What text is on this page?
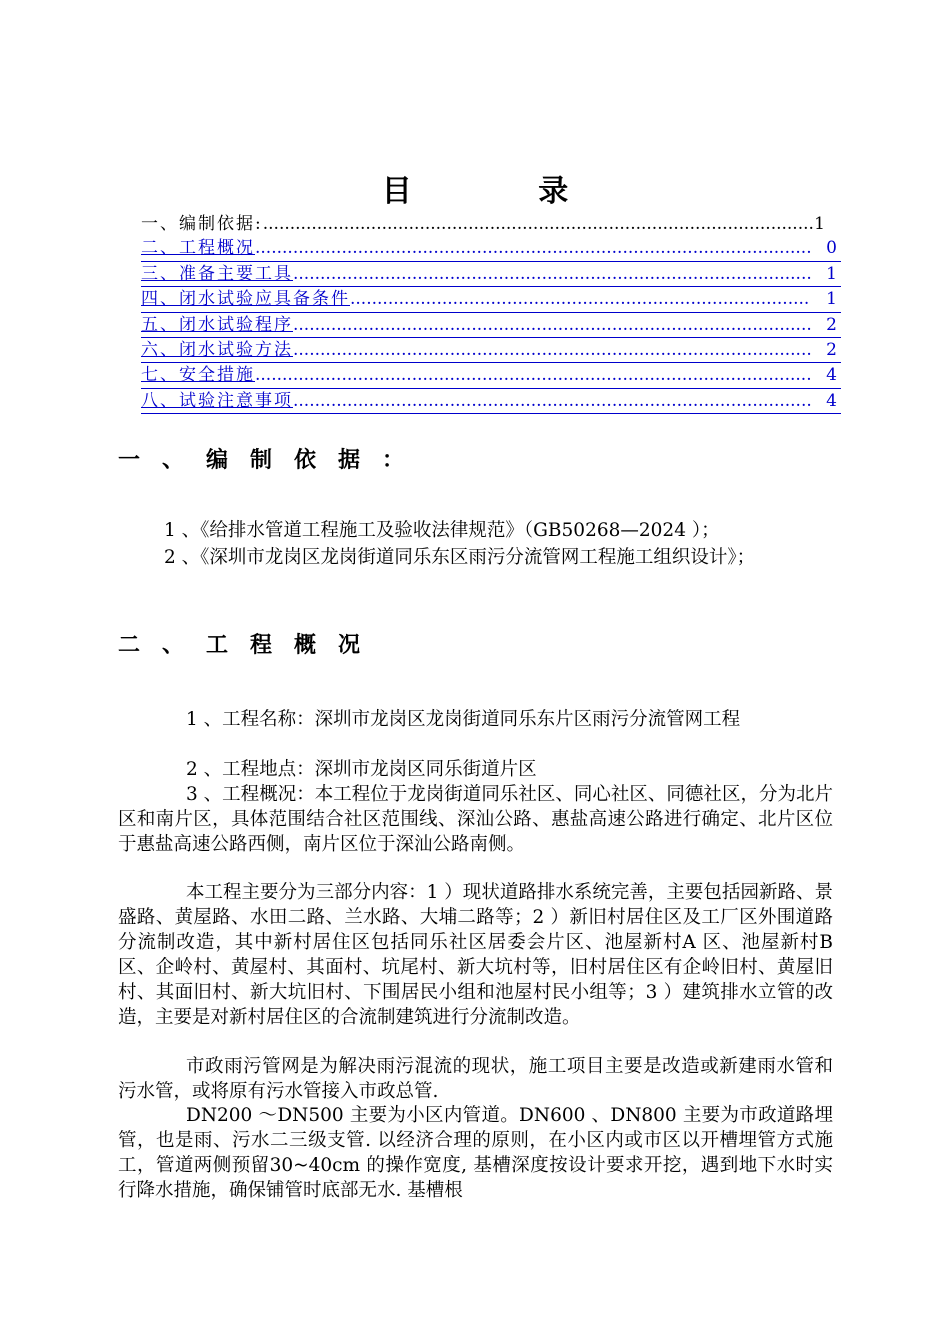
目 录
一、编制依据: .....	1
二、工程概况 .....	0
三、准备主要工具 .....	1
四、闭水试验应具备条件 .....	1
五、闭水试验程序 .....	2
六、闭水试验方法 .....	2
七、安全措施 .....	4
八、试验注意事项 .....	4
一、编制依据：
1 、《给排水管道工程施工及验收法律规范》（GB50268—2024 ）；
2 、《深圳市龙岗区龙岗街道同乐东区雨污分流管网工程施工组织设计》；
二、工程概况
1 、工程名称：深圳市龙岗区龙岗街道同乐东片区雨污分流管网工程
2 、工程地点：深圳市龙岗区同乐街道片区
3 、工程概况：本工程位于龙岗街道同乐社区、同心社区、同德社区，分为北片区和南片区，具体范围结合社区范围线、深汕公路、惠盐高速公路进行确定、北片区位于惠盐高速公路西侧，南片区位于深汕公路南侧。
本工程主要分为三部分内容：1 ）现状道路排水系统完善，主要包括园新路、景盛路、黄屋路、水田二路、兰水路、大埔二路等；2 ）新旧村居住区及工厂区外围道路分流制改造，其中新村居住区包括同乐社区居委会片区、池屋新村A 区、池屋新村B 区、企岭村、黄屋村、其面村、坑尾村、新大坑村等，旧村居住区有企岭旧村、黄屋旧村、其面旧村、新大坑旧村、下围居民小组和池屋村民小组等；3 ）建筑排水立管的改造，主要是对新村居住区的合流制建筑进行分流制改造。
市政雨污管网是为解决雨污混流的现状，施工项目主要是改造或新建雨水管和污水管，或将原有污水管接入市政总管.
DN200 ～DN500 主要为小区内管道。DN600 、DN800 主要为市政道路埋管，也是雨、污水二三级支管. 以经济合理的原则，在小区内或市区以开槽埋管方式施工，管道两侧预留30~40cm 的操作宽度, 基槽深度按设计要求开挖，遇到地下水时实行降水措施，确保铺管时底部无水. 基槽根
